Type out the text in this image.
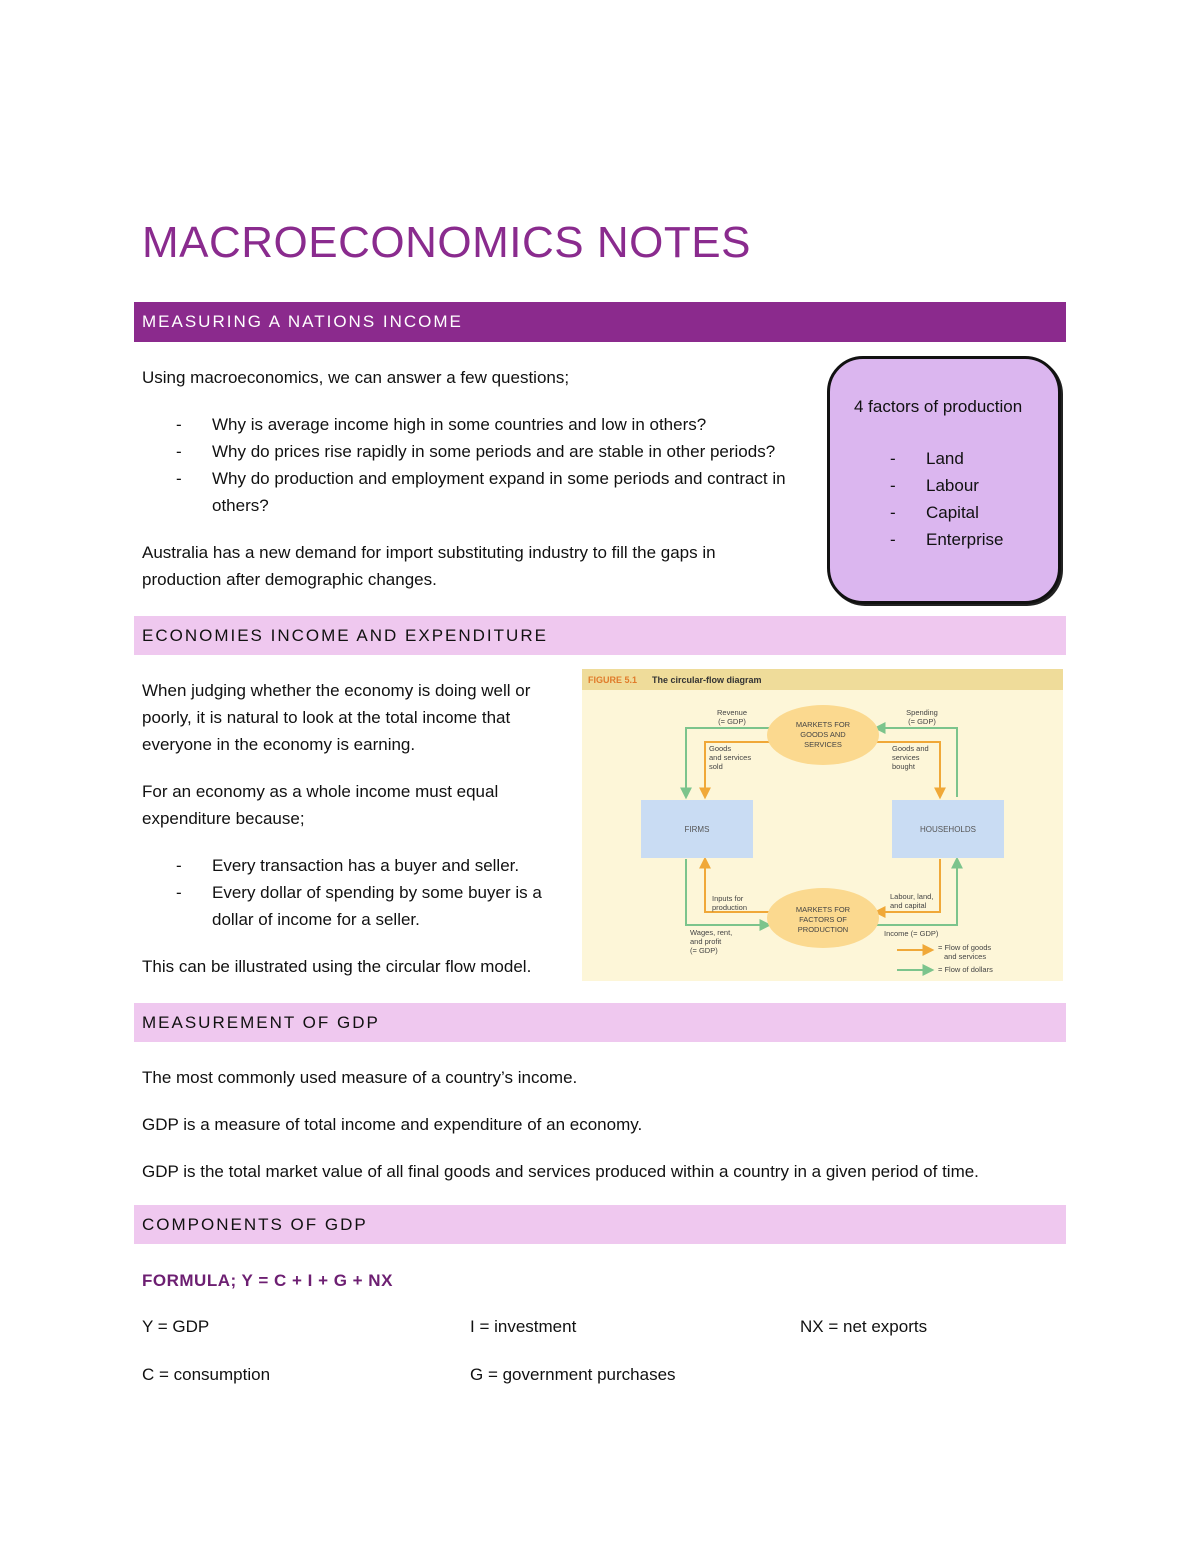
MACROECONOMICS NOTES
MEASURING A NATIONS INCOME
Using macroeconomics, we can answer a few questions;
- Why is average income high in some countries and low in others?
- Why do prices rise rapidly in some periods and are stable in other periods?
- Why do production and employment expand in some periods and contract in others?
Australia has a new demand for import substituting industry to fill the gaps in production after demographic changes.
4 factors of production
- Land
- Labour
- Capital
- Enterprise
ECONOMIES INCOME AND EXPENDITURE
When judging whether the economy is doing well or poorly, it is natural to look at the total income that everyone in the economy is earning.
For an economy as a whole income must equal expenditure because;
- Every transaction has a buyer and seller.
- Every dollar of spending by some buyer is a dollar of income for a seller.
This can be illustrated using the circular flow model.
FIGURE 5.1 The circular-flow diagram
MARKETS FOR
GOODS AND
SERVICES
MARKETS FOR
FACTORS OF
PRODUCTION
FIRMS	HOUSEHOLDS
Revenue
(= GDP)
Spending
(= GDP)
Goods
and services
sold
Goods and
services
bought
Inputs for
production
Labour, land,
and capital
Wages, rent,
and profit
(= GDP)
Income (= GDP)
= Flow of goods
and services
= Flow of dollars
MEASUREMENT OF GDP
The most commonly used measure of a country’s income.
GDP is a measure of total income and expenditure of an economy.
GDP is the total market value of all final goods and services produced within a country in a given period of time.
COMPONENTS OF GDP
FORMULA; Y = C + I + G + NX
Y = GDP	I = investment	NX = net exports
C = consumption	G = government purchases
